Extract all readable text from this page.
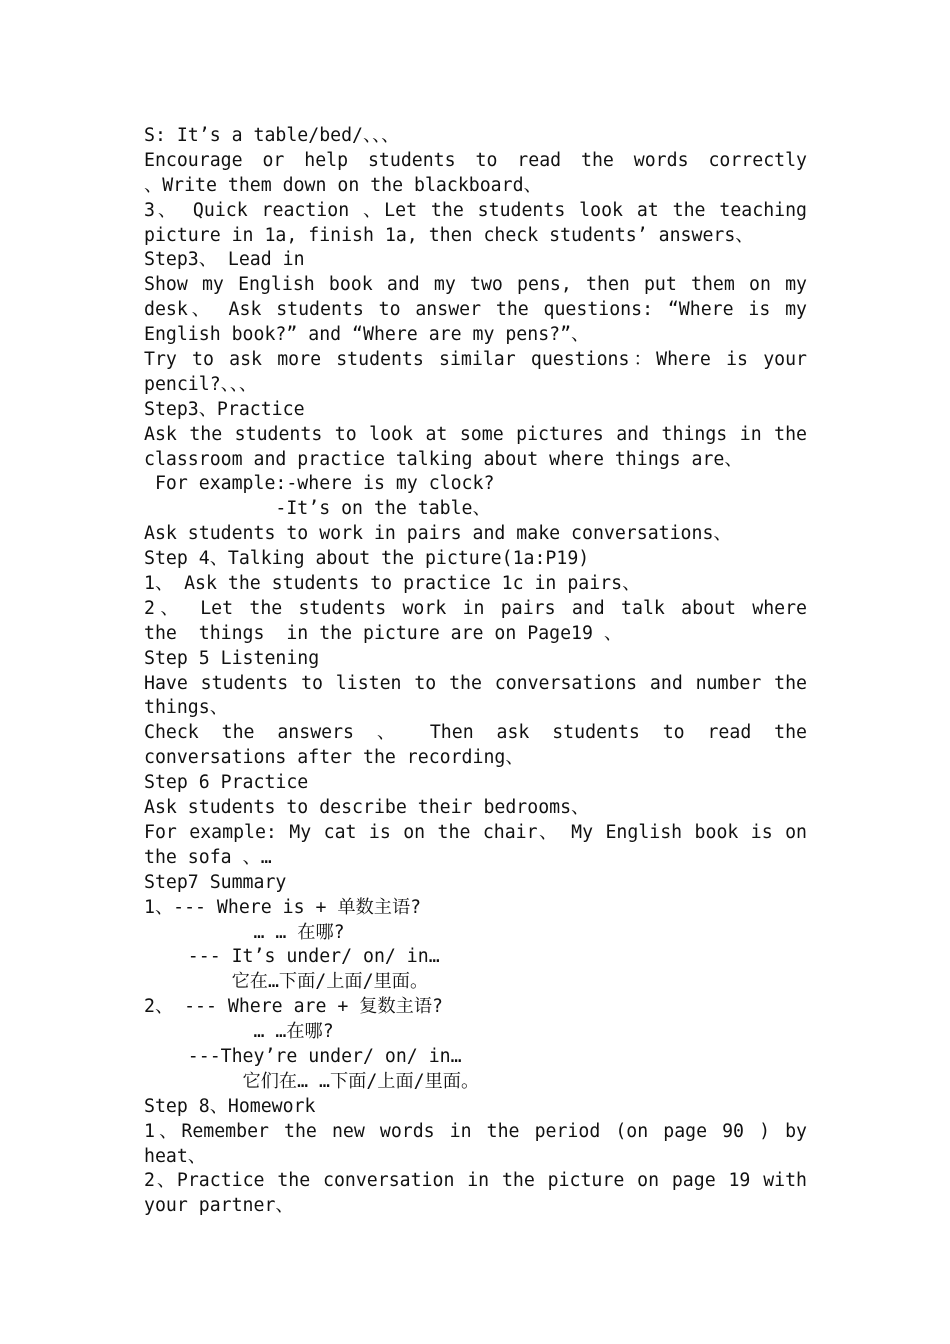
S: It’s a table/bed/、、、
Encourage or help students to read the words correctly
、Write them down on the blackboard、
3、 Quick reaction 、Let the students look at the teaching
picture in 1a, finish 1a, then check students’ answers、
Step3、 Lead in
Show my English book and my two pens, then put them on my
desk、 Ask students to answer the questions: “Where is my
English book?” and “Where are my pens?”、
Try to ask more students similar questions：Where is your
pencil?、、、
Step3、Practice
Ask the students to look at some pictures and things in the
classroom and practice talking about where things are、
For example:-where is my clock?
-It’s on the table、
Ask students to work in pairs and make conversations、
Step 4、Talking about the picture(1a:P19)
1、 Ask the students to practice 1c in pairs、
2、 Let the students work in pairs and talk about where
the  things  in the picture are on Page19 、
Step 5 Listening
Have students to listen to the conversations and number the
things、
Check the answers 、 Then ask students to read the
conversations after the recording、
Step 6 Practice
Ask students to describe their bedrooms、
For example: My cat is on the chair、 My English book is on
the sofa 、…
Step7 Summary
1、--- Where is + 单数主语?
… … 在哪?
--- It’s under/ on/ in…
它在…下面/上面/里面。
2、 --- Where are + 复数主语?
… …在哪?
---They’re under/ on/ in…
它们在… …下面/上面/里面。
Step 8、Homework
1、Remember the new words in the period (on page 90 ) by
heat、
2、Practice the conversation in the picture on page 19 with
your partner、
